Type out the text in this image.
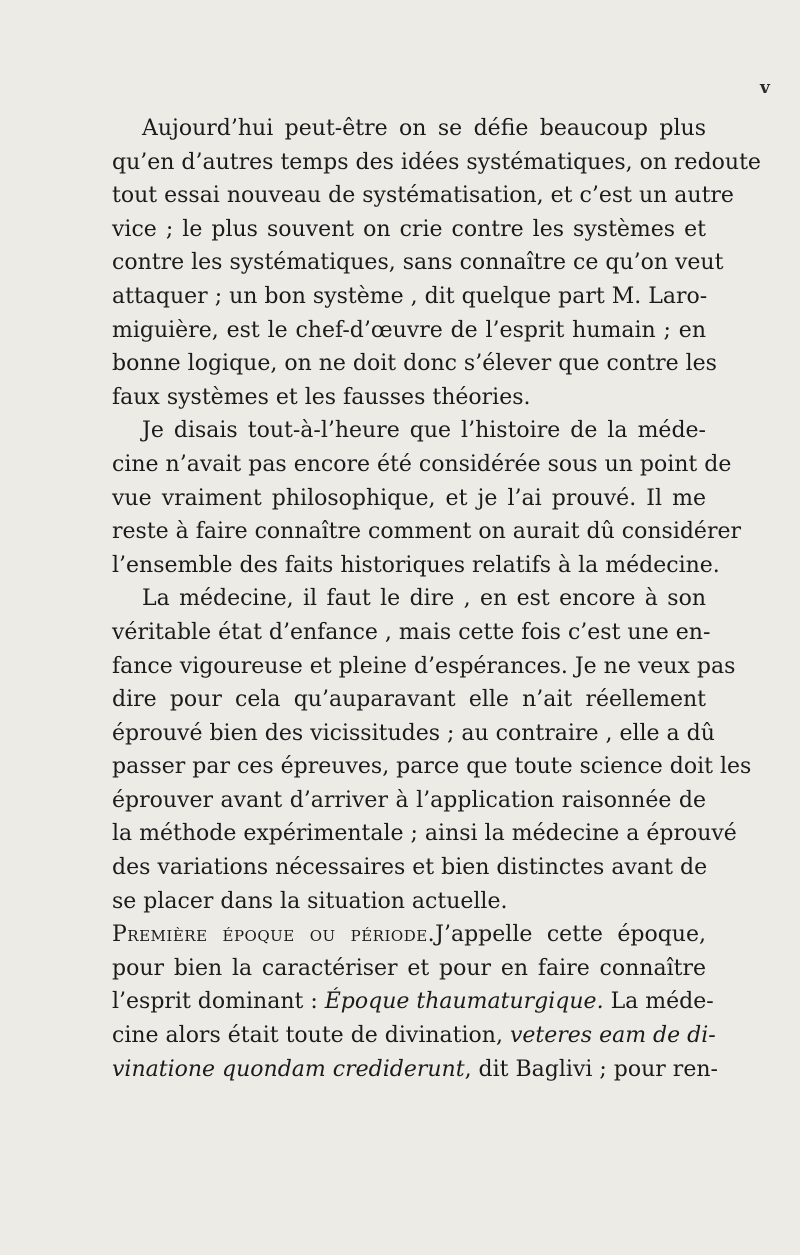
v
Aujourd’hui peut-être on se défie beaucoup plus
qu’en d’autres temps des idées systématiques, on redoute
tout essai nouveau de systématisation, et c’est un autre
vice ; le plus souvent on crie contre les systèmes et
contre les systématiques, sans connaître ce qu’on veut
attaquer ; un bon système , dit quelque part M. Laro-
miguière, est le chef-d’œuvre de l’esprit humain ; en
bonne logique, on ne doit donc s’élever que contre les
faux systèmes et les fausses théories.
Je disais tout-à-l’heure que l’histoire de la méde-
cine n’avait pas encore été considérée sous un point de
vue vraiment philosophique, et je l’ai prouvé. Il me
reste à faire connaître comment on aurait dû considérer
l’ensemble des faits historiques relatifs à la médecine.
La médecine, il faut le dire , en est encore à son
véritable état d’enfance , mais cette fois c’est une en-
fance vigoureuse et pleine d’espérances. Je ne veux pas
dire pour cela qu’auparavant elle n’ait réellement
éprouvé bien des vicissitudes ; au contraire , elle a dû
passer par ces épreuves, parce que toute science doit les
éprouver avant d’arriver à l’application raisonnée de
la méthode expérimentale ; ainsi la médecine a éprouvé
des variations nécessaires et bien distinctes avant de
se placer dans la situation actuelle.
Première époque ou période.J’appelle cette époque,
pour bien la caractériser et pour en faire connaître
l’esprit dominant : Époque thaumaturgique. La méde-
cine alors était toute de divination, veteres eam de di-
vinatione quondam crediderunt, dit Baglivi ; pour ren-
